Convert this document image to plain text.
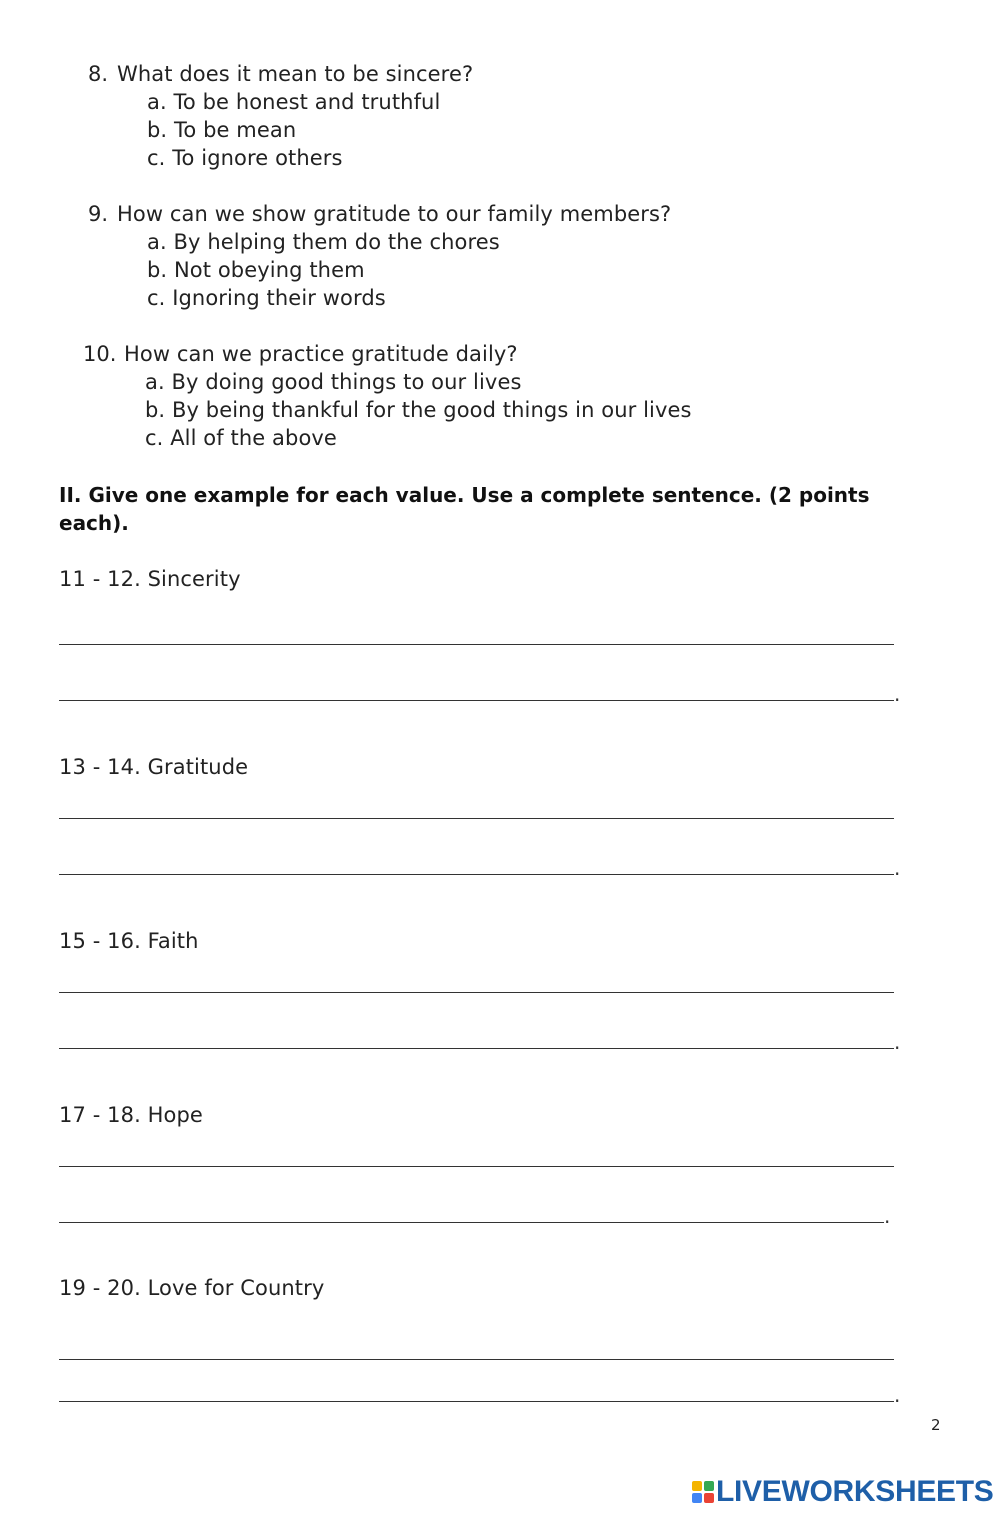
8. What does it mean to be sincere?
a. To be honest and truthful
b. To be mean
c. To ignore others
9. How can we show gratitude to our family members?
a. By helping them do the chores
b. Not obeying them
c. Ignoring their words
10. How can we practice gratitude daily?
a. By doing good things to our lives
b. By being thankful for the good things in our lives
c. All of the above
II. Give one example for each value. Use a complete sentence. (2 points each).
11 - 12. Sincerity
.
13 - 14. Gratitude
.
15 - 16. Faith
.
17 - 18. Hope
.
19 - 20. Love for Country
.
2
LIVEWORKSHEETS
